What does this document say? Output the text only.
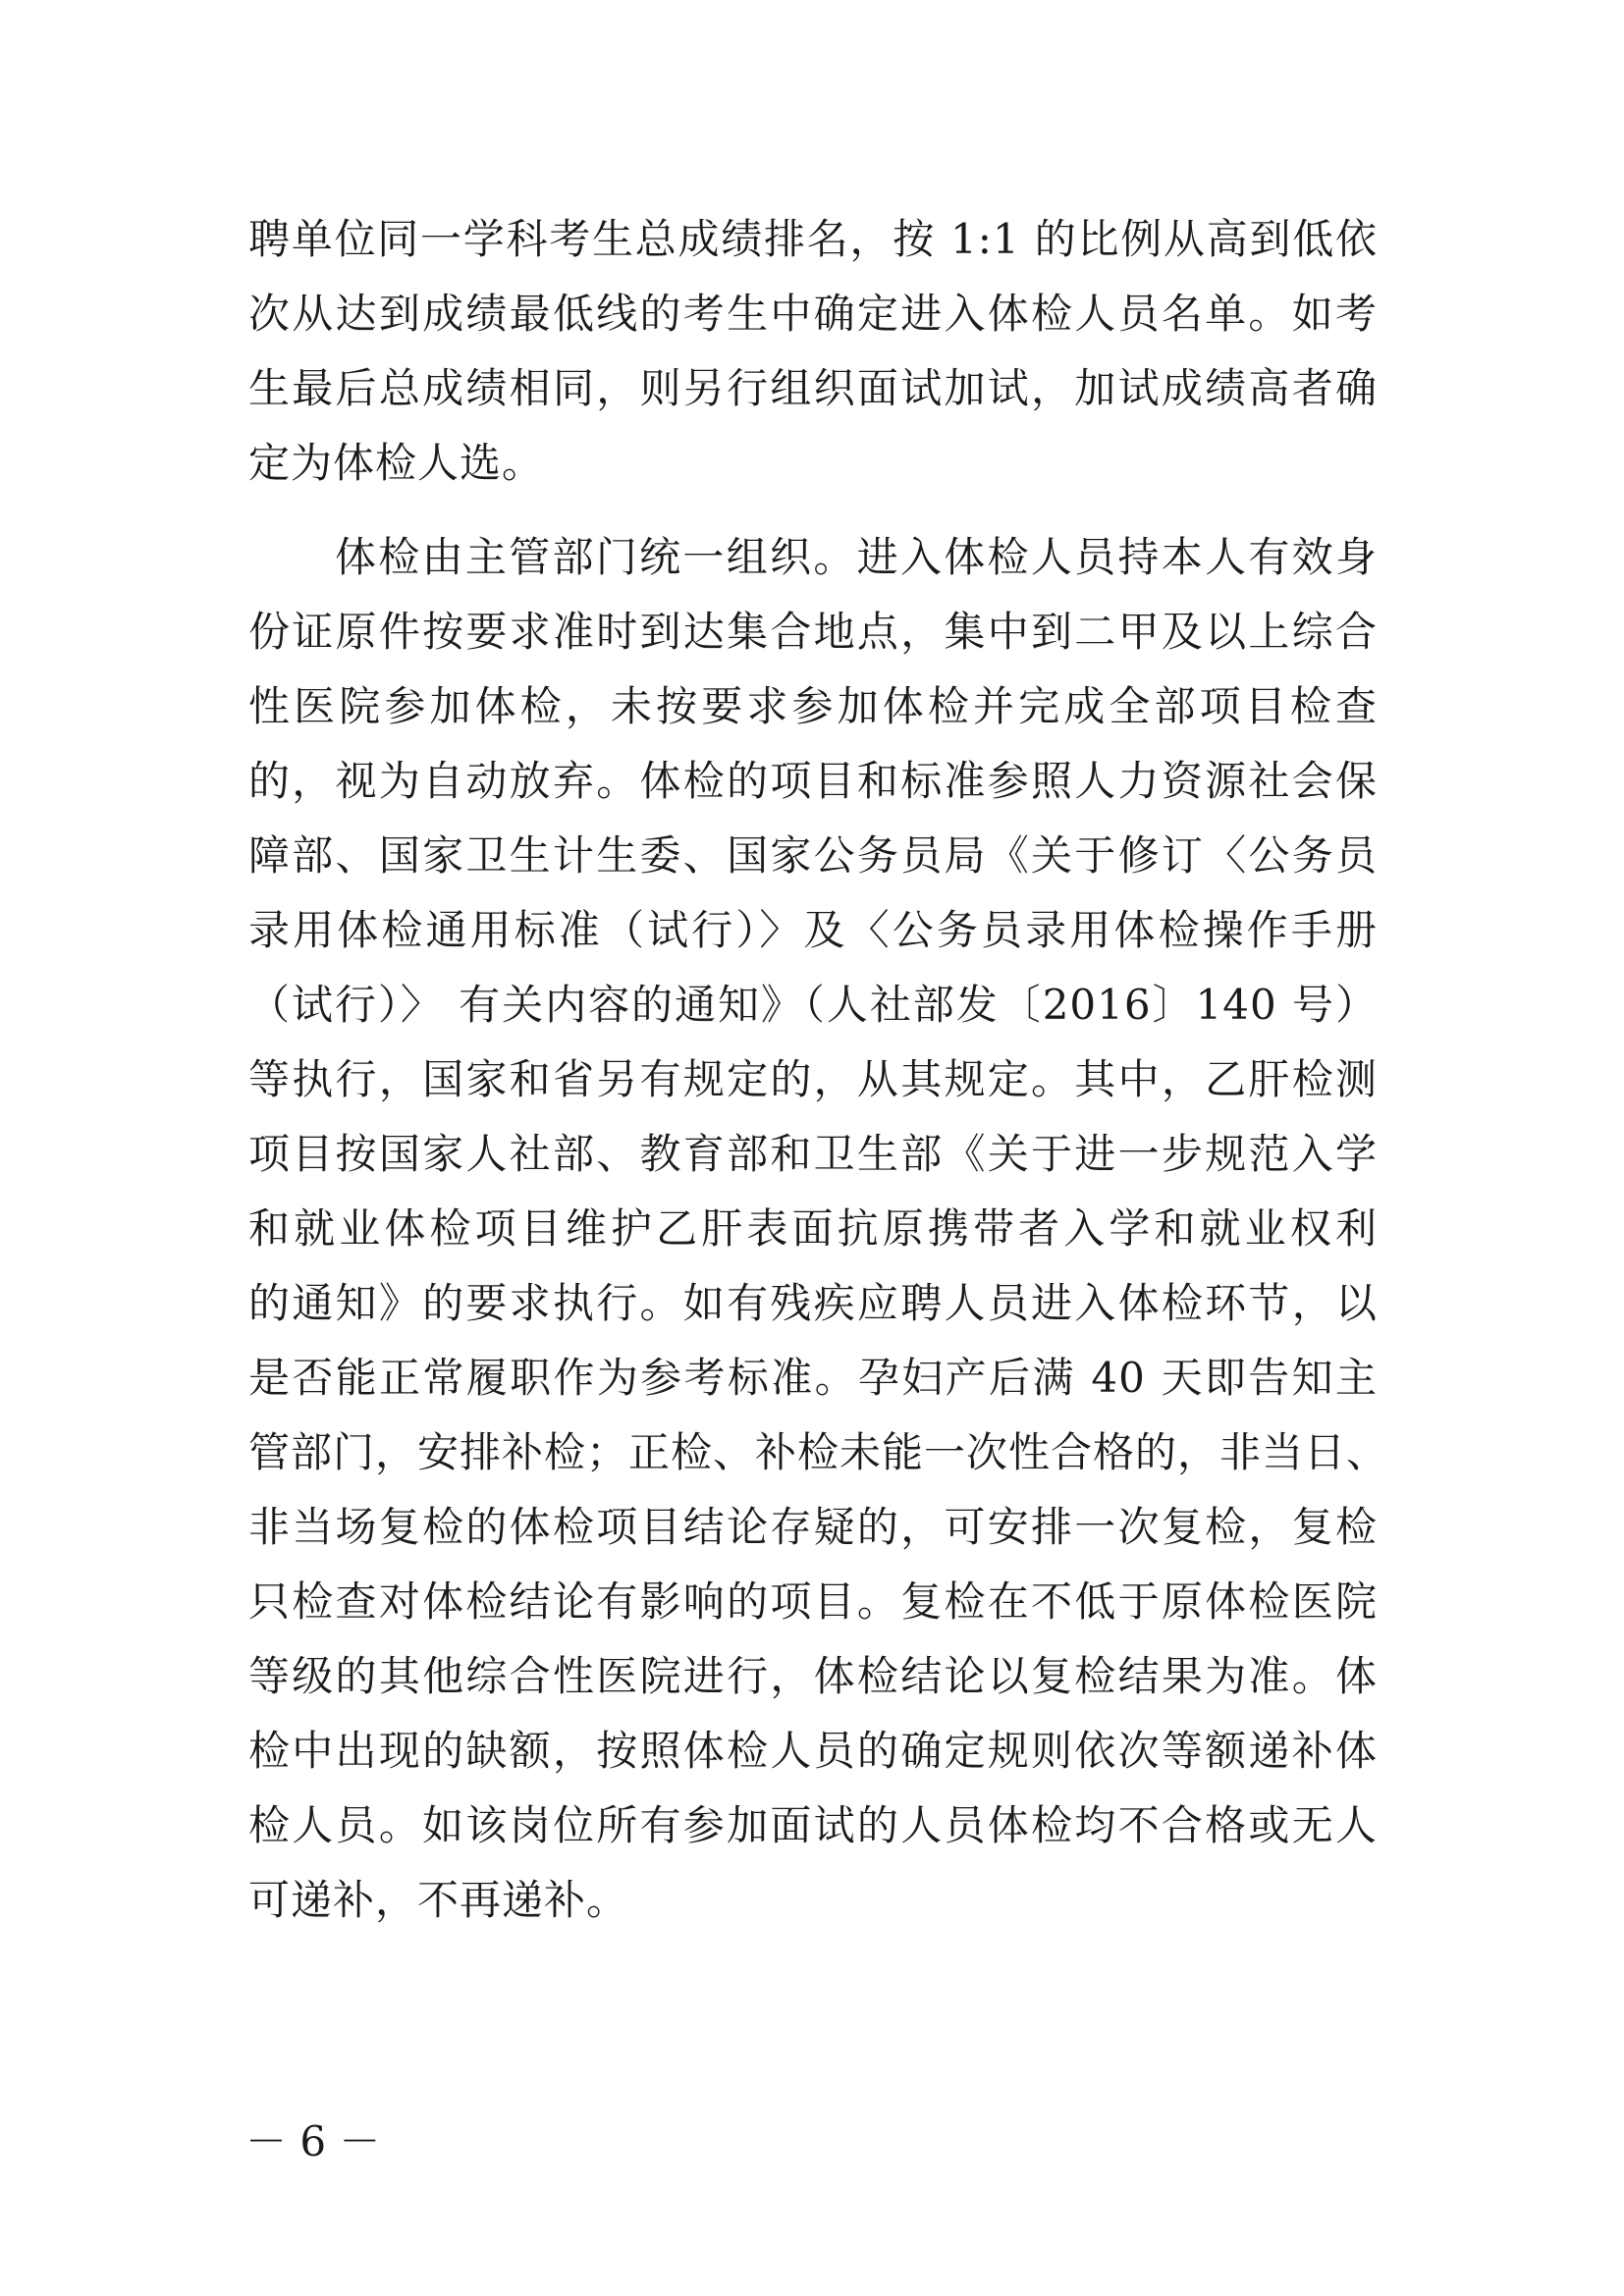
聘单位同一学科考生总成绩排名，按 1:1 的比例从高到低依
次从达到成绩最低线的考生中确定进入体检人员名单。如考
生最后总成绩相同，则另行组织面试加试，加试成绩高者确
定为体检人选。
体检由主管部门统一组织。进入体检人员持本人有效身
份证原件按要求准时到达集合地点，集中到二甲及以上综合
性医院参加体检，未按要求参加体检并完成全部项目检查
的，视为自动放弃。体检的项目和标准参照人力资源社会保
障部、国家卫生计生委、国家公务员局《关于修订〈公务员
录用体检通用标准（试行）〉及〈公务员录用体检操作手册
（试行）〉 有关内容的通知》（人社部发〔2016〕140 号）
等执行，国家和省另有规定的，从其规定。其中，乙肝检测
项目按国家人社部、教育部和卫生部《关于进一步规范入学
和就业体检项目维护乙肝表面抗原携带者入学和就业权利
的通知》的要求执行。如有残疾应聘人员进入体检环节，以
是否能正常履职作为参考标准。孕妇产后满 40 天即告知主
管部门，安排补检；正检、补检未能一次性合格的，非当日、
非当场复检的体检项目结论存疑的，可安排一次复检，复检
只检查对体检结论有影响的项目。复检在不低于原体检医院
等级的其他综合性医院进行，体检结论以复检结果为准。体
检中出现的缺额，按照体检人员的确定规则依次等额递补体
检人员。如该岗位所有参加面试的人员体检均不合格或无人
可递补，不再递补。
－ 6 －
